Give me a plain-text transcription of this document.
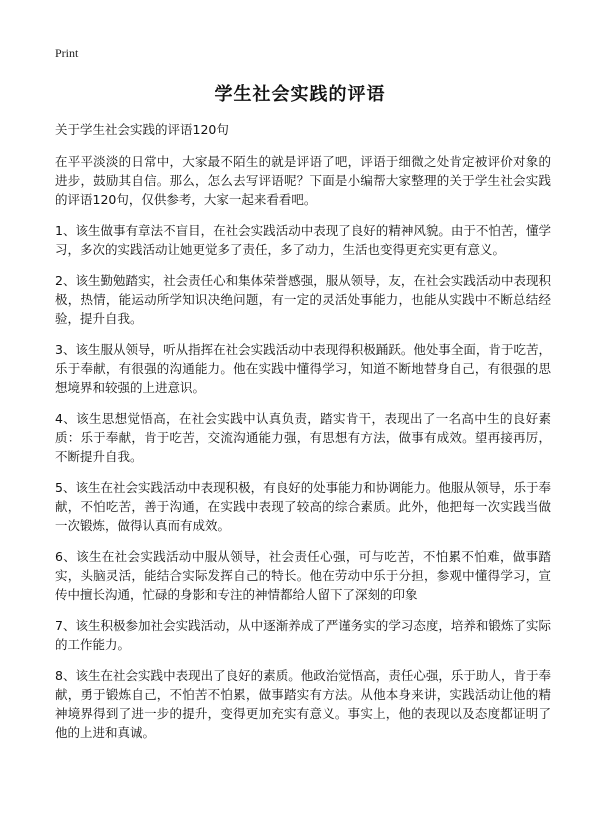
Print
学生社会实践的评语

关于学生社会实践的评语120句

在平平淡淡的日常中，大家最不陌生的就是评语了吧，评语于细微之处肯定被评价对象的进步，鼓励其自信。那么，怎么去写评语呢？下面是小编帮大家整理的关于学生社会实践的评语120句，仅供参考，大家一起来看看吧。

1、该生做事有章法不盲目，在社会实践活动中表现了良好的精神风貌。由于不怕苦，懂学习，多次的实践活动让她更觉多了责任，多了动力，生活也变得更充实更有意义。

2、该生勤勉踏实，社会责任心和集体荣誉感强，服从领导，友，在社会实践活动中表现积极，热情，能运动所学知识决绝问题，有一定的灵活处事能力，也能从实践中不断总结经验，提升自我。

3、该生服从领导，听从指挥在社会实践活动中表现得积极踊跃。他处事全面，肯于吃苦，乐于奉献，有很强的沟通能力。他在实践中懂得学习，知道不断地替身自己，有很强的思想境界和较强的上进意识。

4、该生思想觉悟高，在社会实践中认真负责，踏实肯干，表现出了一名高中生的良好素质：乐于奉献，肯于吃苦，交流沟通能力强，有思想有方法，做事有成效。望再接再厉，不断提升自我。

5、该生在社会实践活动中表现积极，有良好的处事能力和协调能力。他服从领导，乐于奉献，不怕吃苦，善于沟通，在实践中表现了较高的综合素质。此外，他把每一次实践当做一次锻炼，做得认真而有成效。

6、该生在社会实践活动中服从领导，社会责任心强，可与吃苦，不怕累不怕难，做事踏实，头脑灵活，能结合实际发挥自己的特长。他在劳动中乐于分担，参观中懂得学习，宣传中擅长沟通，忙碌的身影和专注的神情都给人留下了深刻的印象

7、该生积极参加社会实践活动，从中逐渐养成了严谨务实的学习态度，培养和锻炼了实际的工作能力。

8、该生在社会实践中表现出了良好的素质。他政治觉悟高，责任心强，乐于助人，肯于奉献，勇于锻炼自己，不怕苦不怕累，做事踏实有方法。从他本身来讲，实践活动让他的精神境界得到了进一步的提升，变得更加充实有意义。事实上，他的表现以及态度都证明了他的上进和真诚。
